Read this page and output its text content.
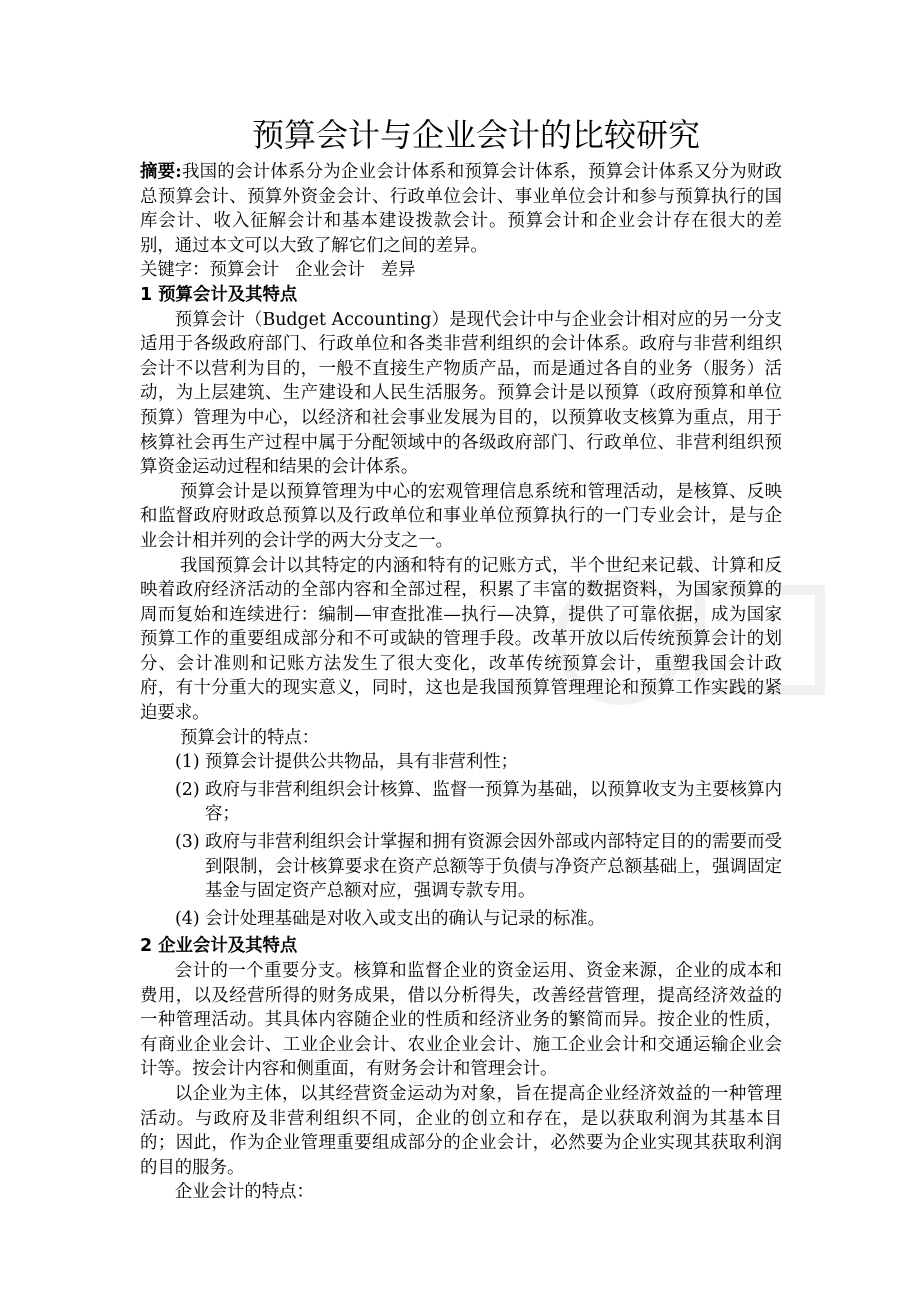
预算会计与企业会计的比较研究

摘要:我国的会计体系分为企业会计体系和预算会计体系，预算会计体系又分为财政总预算会计、预算外资金会计、行政单位会计、事业单位会计和参与预算执行的国库会计、收入征解会计和基本建设拨款会计。预算会计和企业会计存在很大的差别，通过本文可以大致了解它们之间的差异。

关键字：预算会计 企业会计 差异

1 预算会计及其特点

预算会计（Budget Accounting）是现代会计中与企业会计相对应的另一分支适用于各级政府部门、行政单位和各类非营利组织的会计体系。政府与非营利组织会计不以营利为目的，一般不直接生产物质产品，而是通过各自的业务（服务）活动，为上层建筑、生产建设和人民生活服务。预算会计是以预算（政府预算和单位预算）管理为中心，以经济和社会事业发展为目的，以预算收支核算为重点，用于核算社会再生产过程中属于分配领域中的各级政府部门、行政单位、非营利组织预算资金运动过程和结果的会计体系。

预算会计是以预算管理为中心的宏观管理信息系统和管理活动，是核算、反映和监督政府财政总预算以及行政单位和事业单位预算执行的一门专业会计，是与企业会计相并列的会计学的两大分支之一。

我国预算会计以其特定的内涵和特有的记账方式，半个世纪来记载、计算和反映着政府经济活动的全部内容和全部过程，积累了丰富的数据资料，为国家预算的周而复始和连续进行：编制—审查批准—执行—决算，提供了可靠依据，成为国家预算工作的重要组成部分和不可或缺的管理手段。改革开放以后传统预算会计的划分、会计准则和记账方法发生了很大变化，改革传统预算会计，重塑我国会计政府，有十分重大的现实意义，同时，这也是我国预算管理理论和预算工作实践的紧迫要求。

预算会计的特点：

(1) 预算会计提供公共物品，具有非营利性；
(2) 政府与非营利组织会计核算、监督一预算为基础，以预算收支为主要核算内容；
(3) 政府与非营利组织会计掌握和拥有资源会因外部或内部特定目的的需要而受到限制，会计核算要求在资产总额等于负债与净资产总额基础上，强调固定基金与固定资产总额对应，强调专款专用。
(4) 会计处理基础是对收入或支出的确认与记录的标准。

2 企业会计及其特点

会计的一个重要分支。核算和监督企业的资金运用、资金来源，企业的成本和费用，以及经营所得的财务成果，借以分析得失，改善经营管理，提高经济效益的一种管理活动。其具体内容随企业的性质和经济业务的繁简而异。按企业的性质，有商业企业会计、工业企业会计、农业企业会计、施工企业会计和交通运输企业会计等。按会计内容和侧重面，有财务会计和管理会计。

以企业为主体，以其经营资金运动为对象，旨在提高企业经济效益的一种管理活动。与政府及非营利组织不同，企业的创立和存在，是以获取利润为其基本目的；因此，作为企业管理重要组成部分的企业会计，必然要为企业实现其获取利润的目的服务。

企业会计的特点：
